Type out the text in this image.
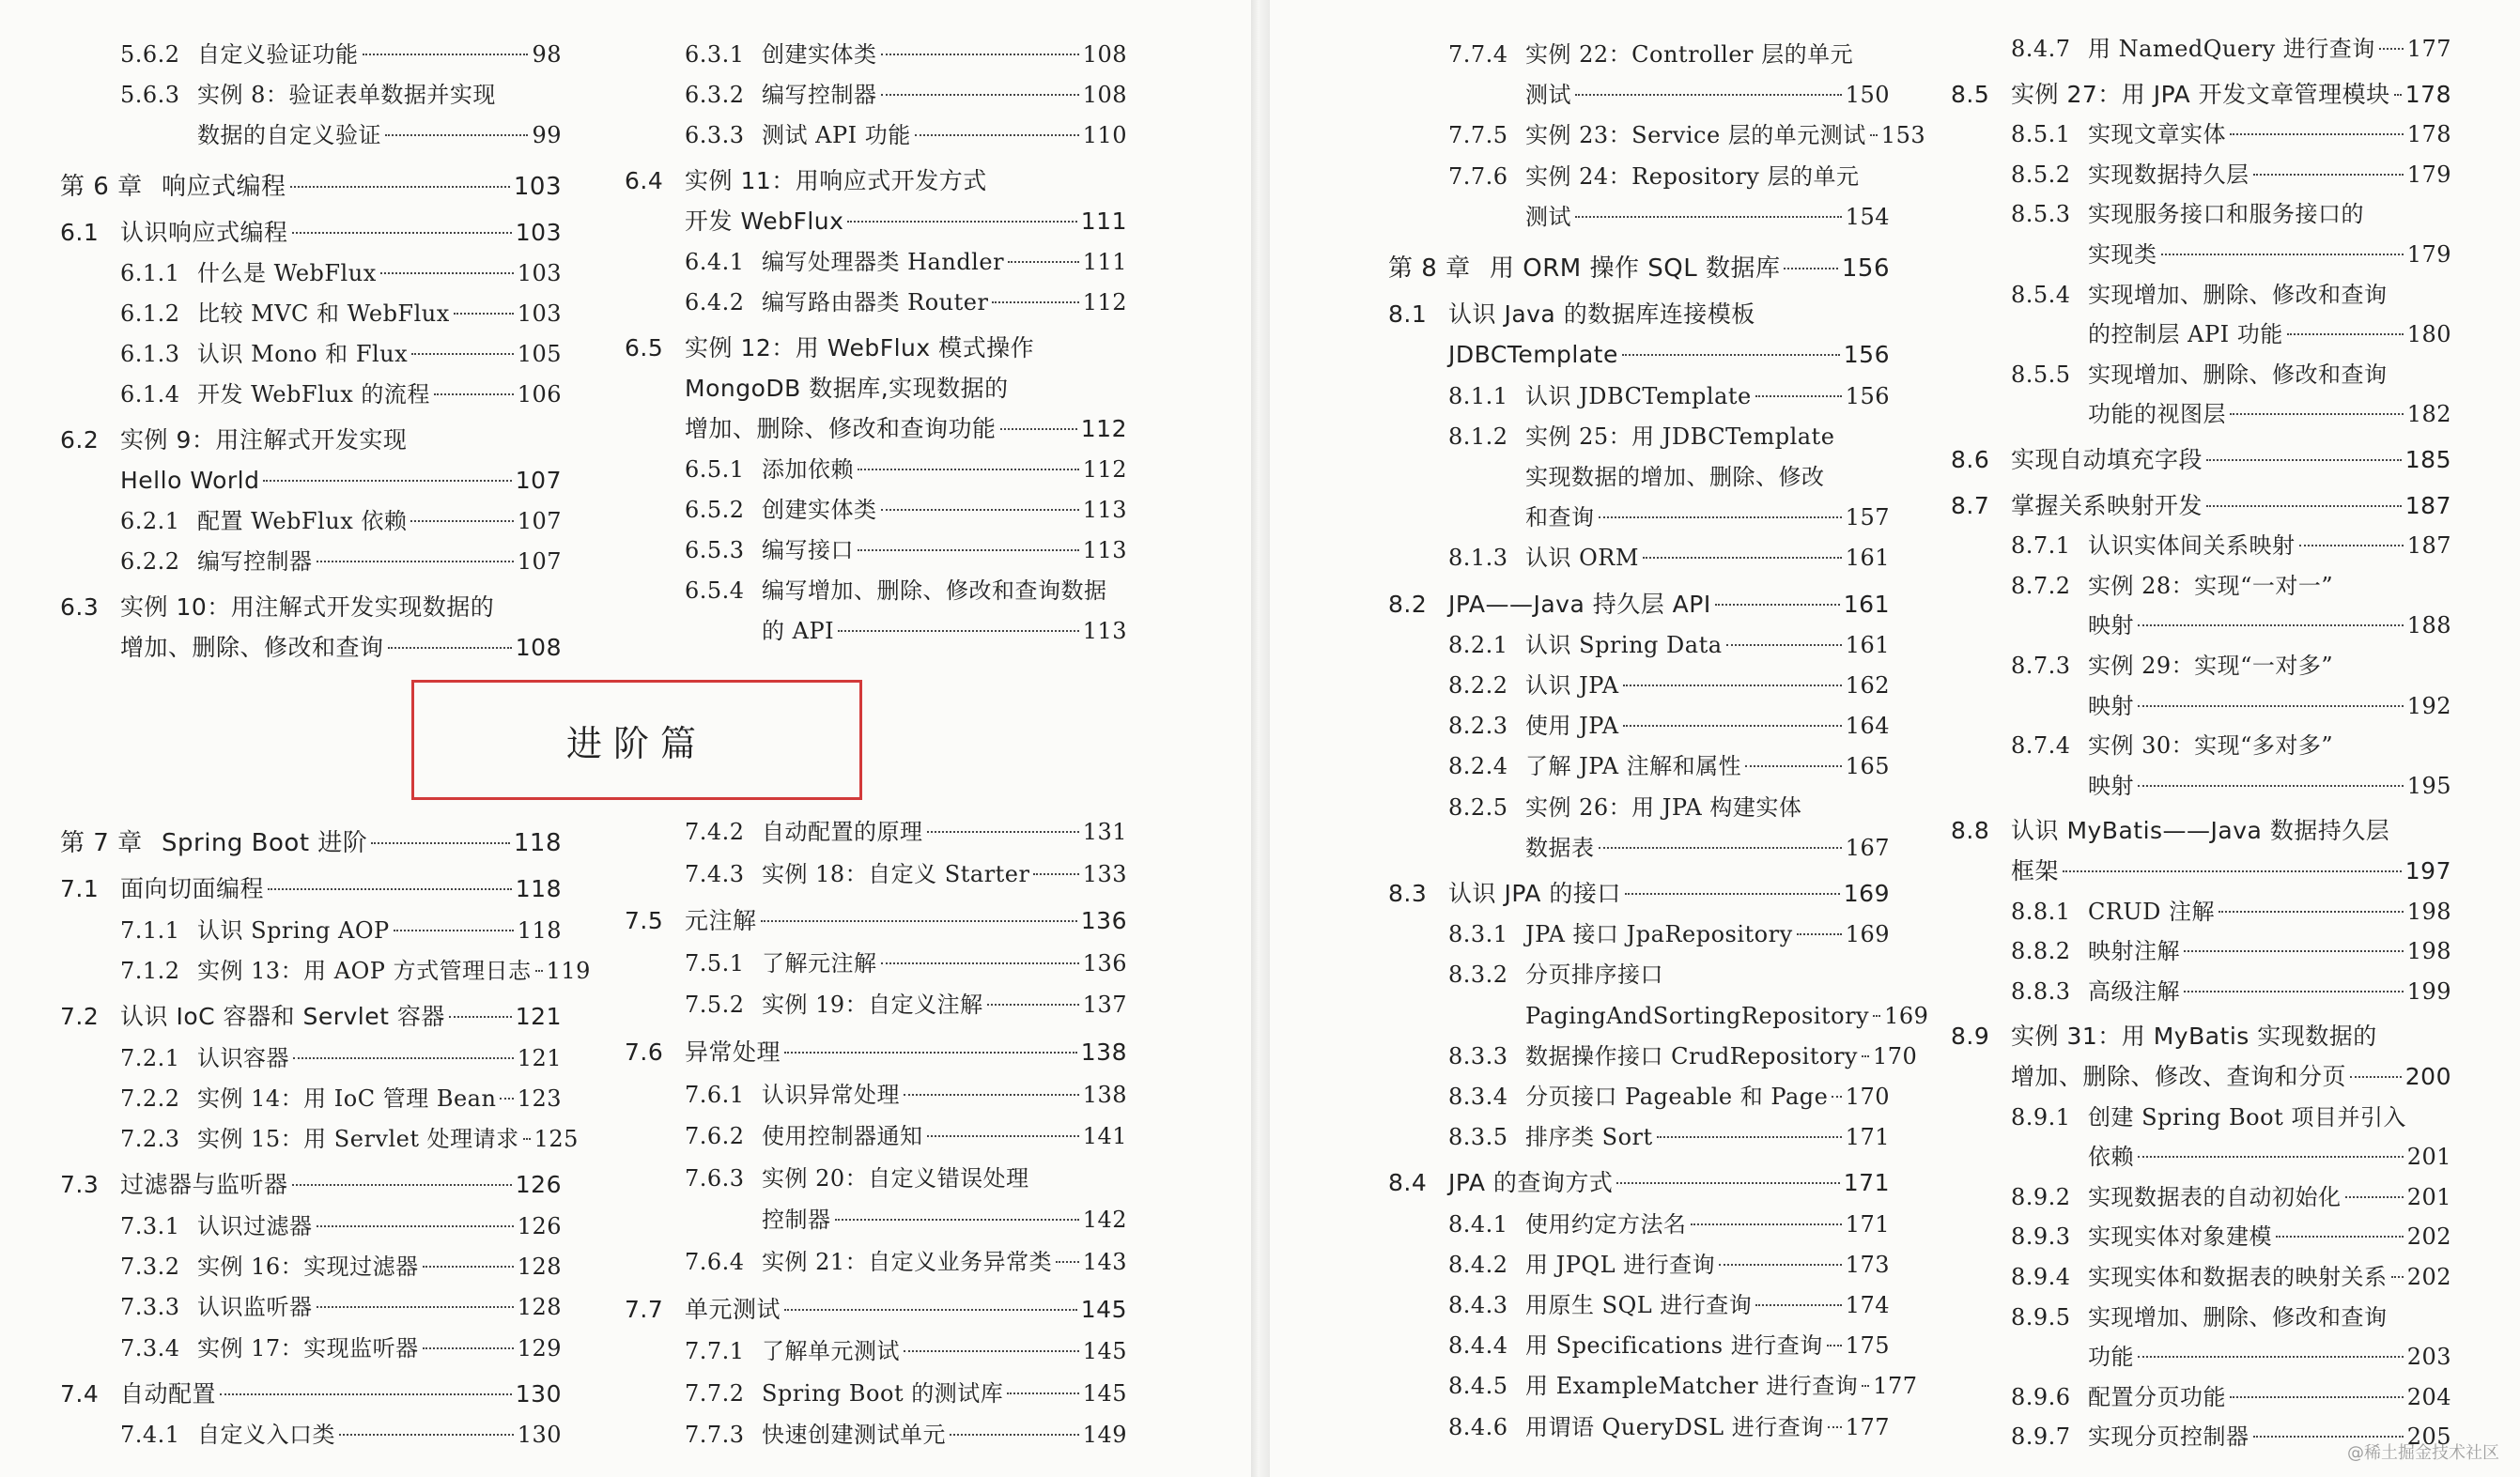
5.6.2 自定义验证功能	98
5.6.3 实例 8：验证表单数据并实现
数据的自定义验证	99
第 6 章 响应式编程	103
6.1 认识响应式编程	103
6.1.1 什么是 WebFlux	103
6.1.2 比较 MVC 和 WebFlux	103
6.1.3 认识 Mono 和 Flux	105
6.1.4 开发 WebFlux 的流程	106
6.2 实例 9：用注解式开发实现
Hello World	107
6.2.1 配置 WebFlux 依赖	107
6.2.2 编写控制器	107
6.3 实例 10：用注解式开发实现数据的
增加、删除、修改和查询	108
6.3.1 创建实体类	108
6.3.2 编写控制器	108
6.3.3 测试 API 功能	110
6.4 实例 11：用响应式开发方式
开发 WebFlux	111
6.4.1 编写处理器类 Handler	111
6.4.2 编写路由器类 Router	112
6.5 实例 12：用 WebFlux 模式操作
MongoDB 数据库,实现数据的
增加、删除、修改和查询功能	112
6.5.1 添加依赖	112
6.5.2 创建实体类	113
6.5.3 编写接口	113
6.5.4 编写增加、删除、修改和查询数据
的 API	113
第 7 章 Spring Boot 进阶	118
7.1 面向切面编程	118
7.1.1 认识 Spring AOP	118
7.1.2 实例 13：用 AOP 方式管理日志 119
7.2 认识 IoC 容器和 Servlet 容器	121
7.2.1 认识容器	121
7.2.2 实例 14：用 IoC 管理 Bean 123
7.2.3 实例 15：用 Servlet 处理请求 125
7.3 过滤器与监听器	126
7.3.1 认识过滤器	126
7.3.2 实例 16：实现过滤器	128
7.3.3 认识监听器	128
7.3.4 实例 17：实现监听器	129
7.4 自动配置	130
7.4.1 自定义入口类	130
7.4.2 自动配置的原理	131
7.4.3 实例 18：自定义 Starter 133
7.5 元注解	136
7.5.1 了解元注解	136
7.5.2 实例 19：自定义注解	137
7.6 异常处理	138
7.6.1 认识异常处理	138
7.6.2 使用控制器通知	141
7.6.3 实例 20：自定义错误处理
控制器	142
7.6.4 实例 21：自定义业务异常类 143
7.7 单元测试	145
7.7.1 了解单元测试	145
7.7.2 Spring Boot 的测试库	145
7.7.3 快速创建测试单元	149
进阶篇
7.7.4 实例 22：Controller 层的单元
测试	150
7.7.5 实例 23：Service 层的单元测试 153
7.7.6 实例 24：Repository 层的单元
测试	154
第 8 章 用 ORM 操作 SQL 数据库	156
8.1 认识 Java 的数据库连接模板
JDBCTemplate	156
8.1.1 认识 JDBCTemplate	156
8.1.2 实例 25：用 JDBCTemplate
实现数据的增加、删除、修改
和查询	157
8.1.3 认识 ORM	161
8.2 JPA——Java 持久层 API	161
8.2.1 认识 Spring Data	161
8.2.2 认识 JPA	162
8.2.3 使用 JPA	164
8.2.4 了解 JPA 注解和属性	165
8.2.5 实例 26：用 JPA 构建实体
数据表	167
8.3 认识 JPA 的接口	169
8.3.1 JPA 接口 JpaRepository 169
8.3.2 分页排序接口
PagingAndSortingRepository 169
8.3.3 数据操作接口 CrudRepository 170
8.3.4 分页接口 Pageable 和 Page 170
8.3.5 排序类 Sort	171
8.4 JPA 的查询方式	171
8.4.1 使用约定方法名	171
8.4.2 用 JPQL 进行查询	173
8.4.3 用原生 SQL 进行查询	174
8.4.4 用 Specifications 进行查询 175
8.4.5 用 ExampleMatcher 进行查询 177
8.4.6 用谓语 QueryDSL 进行查询 177
8.4.7 用 NamedQuery 进行查询 177
8.5 实例 27：用 JPA 开发文章管理模块 178
8.5.1 实现文章实体	178
8.5.2 实现数据持久层	179
8.5.3 实现服务接口和服务接口的
实现类	179
8.5.4 实现增加、删除、修改和查询
的控制层 API 功能	180
8.5.5 实现增加、删除、修改和查询
功能的视图层	182
8.6 实现自动填充字段	185
8.7 掌握关系映射开发	187
8.7.1 认识实体间关系映射	187
8.7.2 实例 28：实现“一对一”
映射	188
8.7.3 实例 29：实现“一对多”
映射	192
8.7.4 实例 30：实现“多对多”
映射	195
8.8 认识 MyBatis——Java 数据持久层
框架	197
8.8.1 CRUD 注解	198
8.8.2 映射注解	198
8.8.3 高级注解	199
8.9 实例 31：用 MyBatis 实现数据的
增加、删除、修改、查询和分页	200
8.9.1 创建 Spring Boot 项目并引入
依赖	201
8.9.2 实现数据表的自动初始化	201
8.9.3 实现实体对象建模	202
8.9.4 实现实体和数据表的映射关系 202
8.9.5 实现增加、删除、修改和查询
功能	203
8.9.6 配置分页功能	204
8.9.7 实现分页控制器	205
@稀土掘金技术社区
